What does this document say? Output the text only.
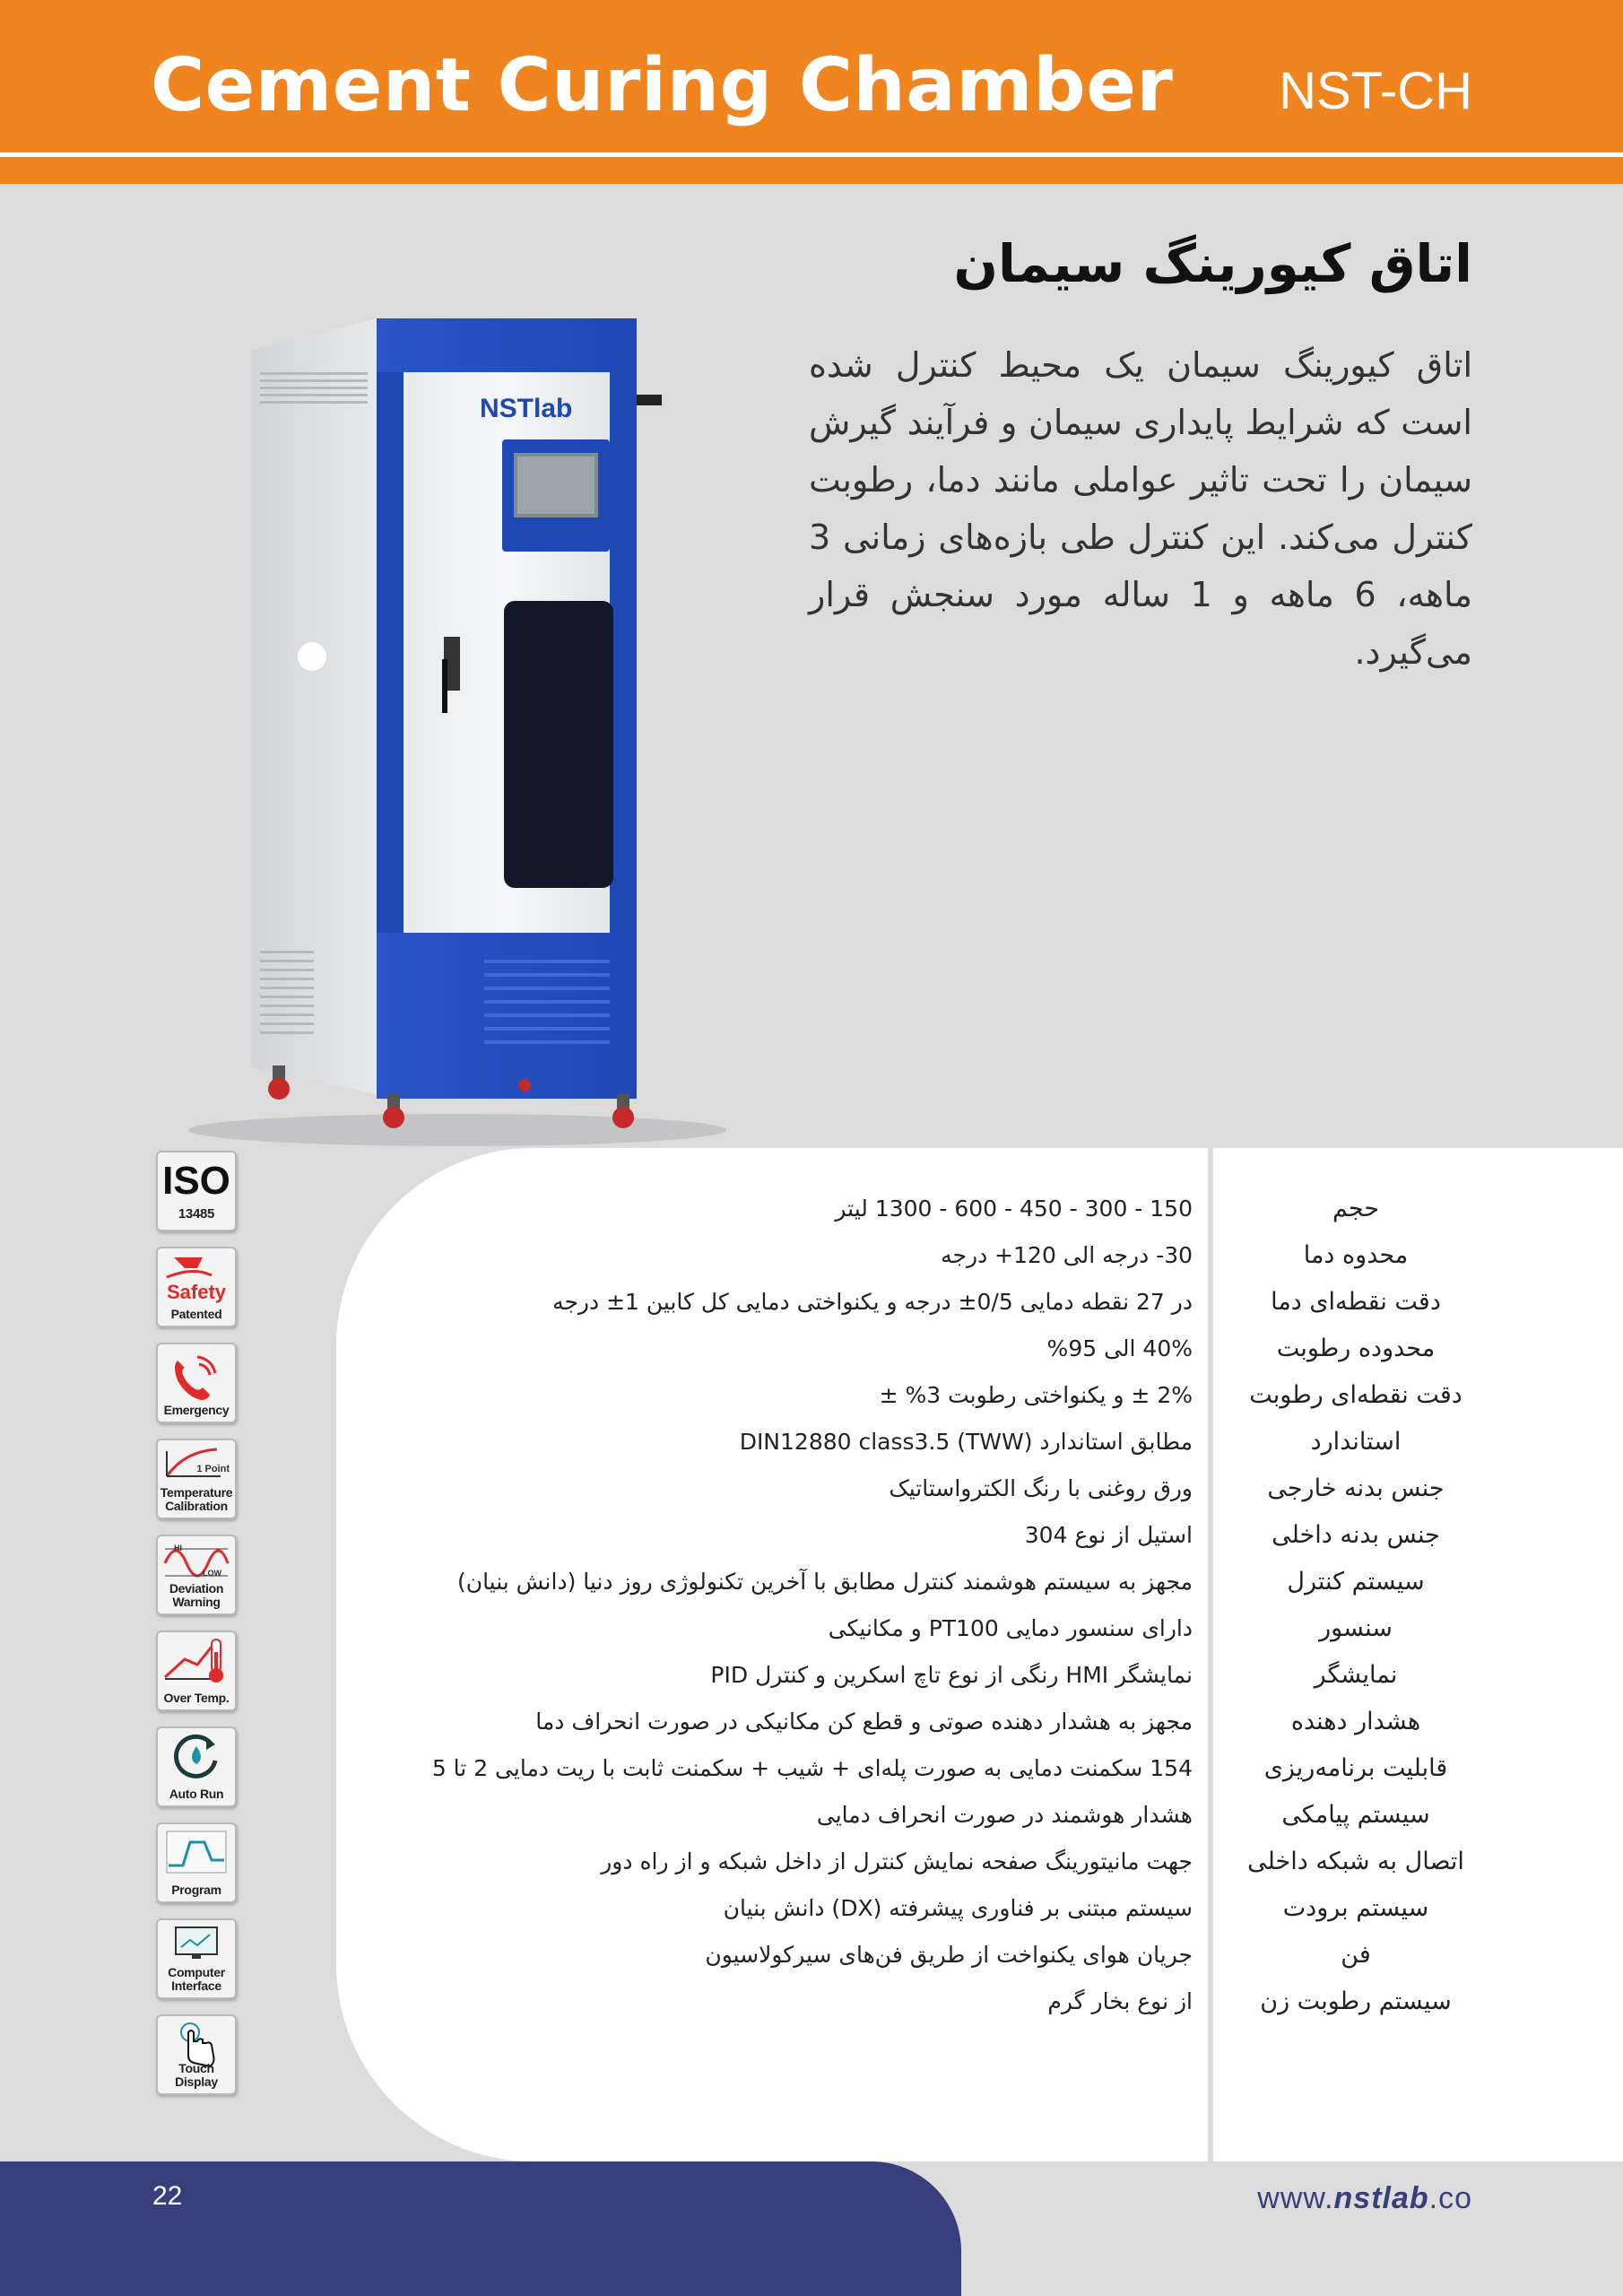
Cement Curing Chamber NST-CH
NSTlab
اتاق کیورینگ سیمان
اتاق کیورینگ سیمان یک محیط کنترل شده است که شرایط پایداری سیمان و فرآیند گیرش سیمان را تحت تاثیر عواملی مانند دما، رطوبت کنترل می‌کند. این کنترل طی بازه‌های زمانی 3 ماهه، 6 ماهه و 1 ساله مورد سنجش قرار می‌گیرد.
حجم
150 - 300 - 450 - 600 - 1300 لیتر
محدوه دما
30- درجه الی 120+ درجه
دقت نقطه‌ای دما
در 27 نقطه دمایی 0/5± درجه و یکنواختی دمایی کل کابین 1± درجه
محدوده رطوبت
40% الی 95%
دقت نقطه‌ای رطوبت
2% ± و یکنواختی رطوبت 3% ±
استاندارد
مطابق استاندارد DIN12880 class3.5 (TWW)
جنس بدنه خارجی
ورق روغنی با رنگ الکترواستاتیک
جنس بدنه داخلی
استیل از نوع 304
سیستم کنترل
مجهز به سیستم هوشمند کنترل مطابق با آخرین تکنولوژی روز دنیا (دانش بنیان)
سنسور
دارای سنسور دمایی PT100 و مکانیکی
نمایشگر
نمایشگر HMI رنگی از نوع تاچ اسکرین و کنترل PID
هشدار دهنده
مجهز به هشدار دهنده صوتی و قطع کن مکانیکی در صورت انحراف دما
قابلیت برنامه‌ریزی
154 سکمنت دمایی به صورت پله‌ای + شیب + سکمنت ثابت با ریت دمایی 2 تا 5
سیستم پیامکی
هشدار هوشمند در صورت انحراف دمایی
اتصال به شبکه داخلی
جهت مانیتورینگ صفحه نمایش کنترل از داخل شبکه و از راه دور
سیستم برودت
سیستم مبتنی بر فناوری پیشرفته (DX) دانش بنیان
فن
جریان هوای یکنواخت از طریق فن‌های سیرکولاسیون
سیستم رطوبت زن
از نوع بخار گرم
ISO
13485
Safety
Patented
Emergency
1 Point
Temperature
Calibration
HI
LOW
Deviation
Warning
Over Temp.
Auto Run
Program
Computer
Interface
Touch Display
22	www.nstlab.co
